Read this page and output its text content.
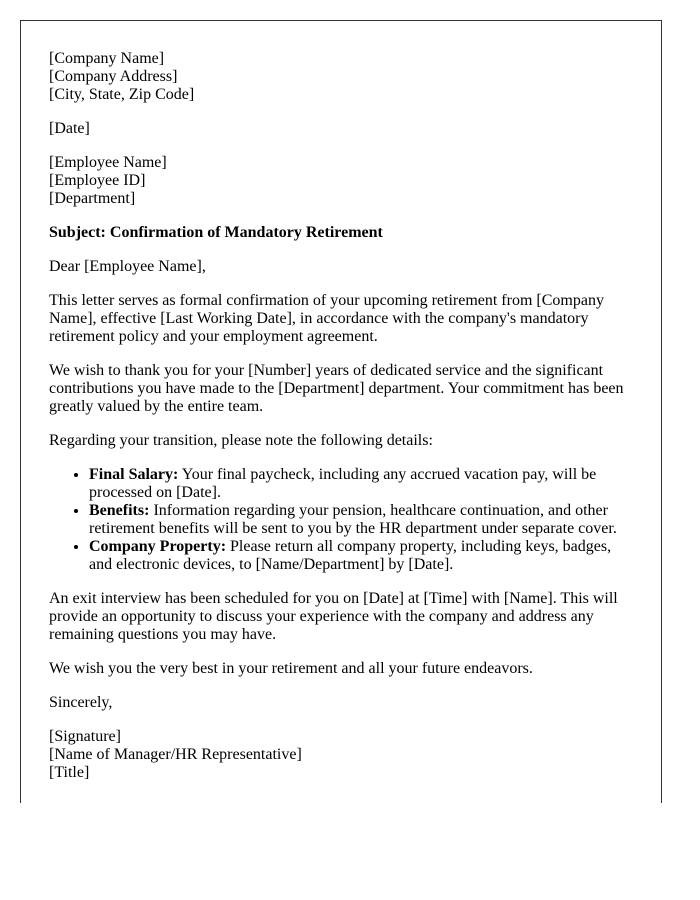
[Company Name]
[Company Address]
[City, State, Zip Code]

[Date]

[Employee Name]
[Employee ID]
[Department]

Subject: Confirmation of Mandatory Retirement

Dear [Employee Name],

This letter serves as formal confirmation of your upcoming retirement from [Company Name], effective [Last Working Date], in accordance with the company's mandatory retirement policy and your employment agreement.

We wish to thank you for your [Number] years of dedicated service and the significant contributions you have made to the [Department] department. Your commitment has been greatly valued by the entire team.

Regarding your transition, please note the following details:

• Final Salary: Your final paycheck, including any accrued vacation pay, will be processed on [Date].
• Benefits: Information regarding your pension, healthcare continuation, and other retirement benefits will be sent to you by the HR department under separate cover.
• Company Property: Please return all company property, including keys, badges, and electronic devices, to [Name/Department] by [Date].

An exit interview has been scheduled for you on [Date] at [Time] with [Name]. This will provide an opportunity to discuss your experience with the company and address any remaining questions you may have.

We wish you the very best in your retirement and all your future endeavors.

Sincerely,

[Signature]
[Name of Manager/HR Representative]
[Title]
